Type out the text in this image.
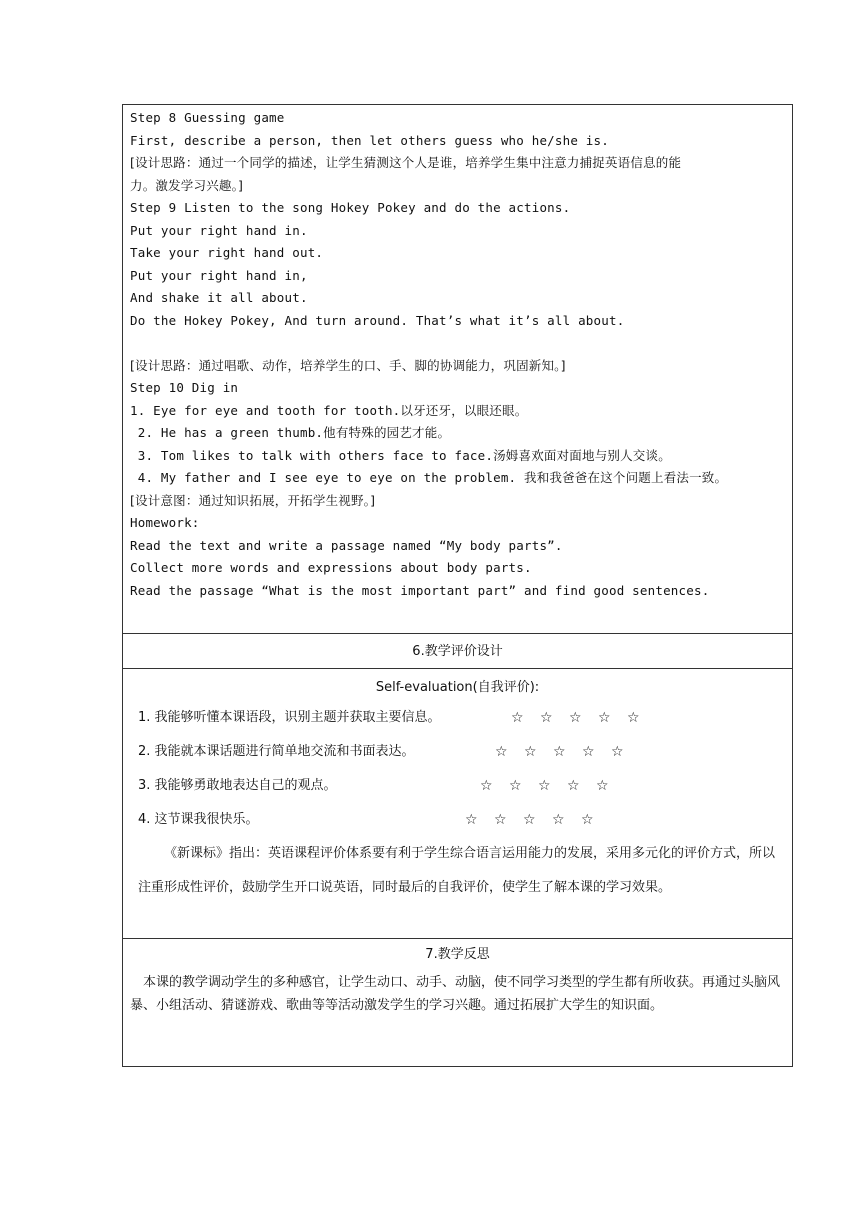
Step 8 Guessing game
First, describe a person, then let others guess who he/she is.
[设计思路：通过一个同学的描述，让学生猜测这个人是谁，培养学生集中注意力捕捉英语信息的能
力。激发学习兴趣。]
Step 9 Listen to the song Hokey Pokey and do the actions.
Put your right hand in.
Take your right hand out.
Put your right hand in,
And shake it all about.
Do the Hokey Pokey, And turn around. That’s what it’s all about.
[设计思路：通过唱歌、动作，培养学生的口、手、脚的协调能力，巩固新知。]
Step 10 Dig in
1. Eye for eye and tooth for tooth.以牙还牙，以眼还眼。
2. He has a green thumb.他有特殊的园艺才能。
3. Tom likes to talk with others face to face.汤姆喜欢面对面地与别人交谈。
4. My father and I see eye to eye on the problem. 我和我爸爸在这个问题上看法一致。
[设计意图：通过知识拓展，开拓学生视野。]
Homework:
Read the text and write a passage named “My body parts”.
Collect more words and expressions about body parts.
Read the passage “What is the most important part” and find good sentences.
6.教学评价设计
Self-evaluation(自我评价):
1. 我能够听懂本课语段，识别主题并获取主要信息。	☆ ☆ ☆ ☆ ☆
2. 我能就本课话题进行简单地交流和书面表达。	☆ ☆ ☆ ☆ ☆
3. 我能够勇敢地表达自己的观点。	☆ ☆ ☆ ☆ ☆
4. 这节课我很快乐。	☆ ☆ ☆ ☆ ☆
《新课标》指出：英语课程评价体系要有利于学生综合语言运用能力的发展，采用多元化的评价方式，所以注重形成性评价，鼓励学生开口说英语，同时最后的自我评价，使学生了解本课的学习效果。
7.教学反思
本课的教学调动学生的多种感官，让学生动口、动手、动脑，使不同学习类型的学生都有所收获。再通过头脑风暴、小组活动、猜谜游戏、歌曲等等活动激发学生的学习兴趣。通过拓展扩大学生的知识面。
